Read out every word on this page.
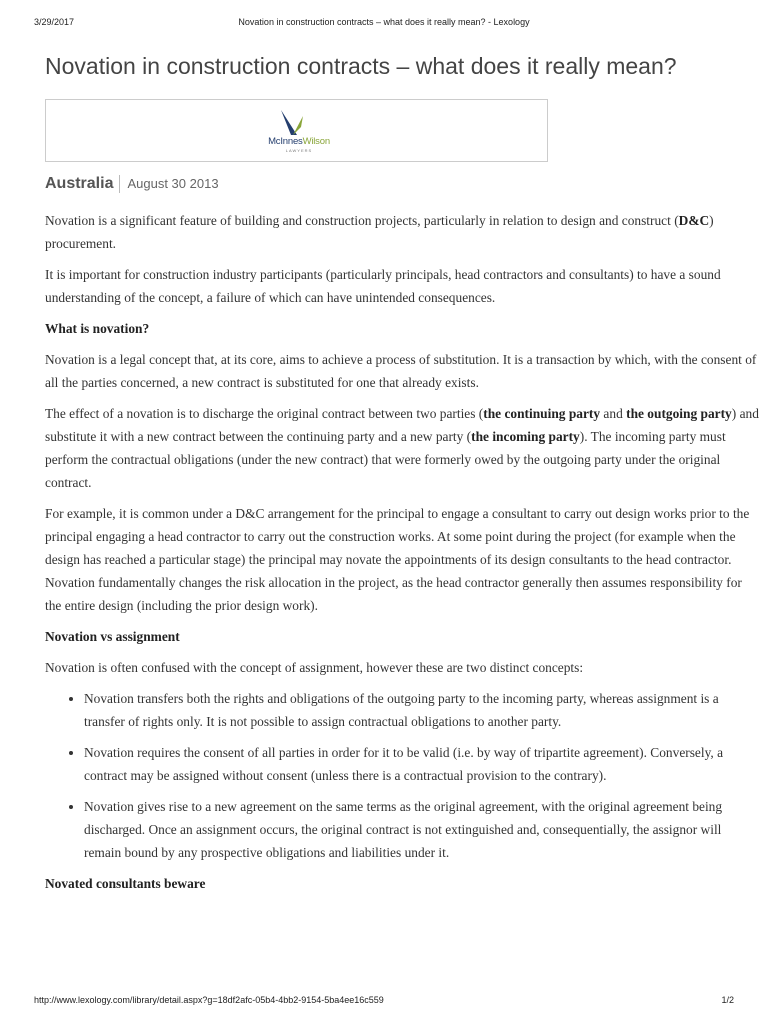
3/29/2017	Novation in construction contracts – what does it really mean? - Lexology
Novation in construction contracts – what does it really mean?
McInnesWilson
LAWYERS
Australia	August 30 2013

Novation is a significant feature of building and construction projects, particularly in relation to design and construct (D&C) procurement.

It is important for construction industry participants (particularly principals, head contractors and consultants) to have a sound understanding of the concept, a failure of which can have unintended consequences.

What is novation?

Novation is a legal concept that, at its core, aims to achieve a process of substitution. It is a transaction by which, with the consent of all the parties concerned, a new contract is substituted for one that already exists.

The effect of a novation is to discharge the original contract between two parties (the continuing party and the outgoing party) and substitute it with a new contract between the continuing party and a new party (the incoming party). The incoming party must perform the contractual obligations (under the new contract) that were formerly owed by the outgoing party under the original contract.

For example, it is common under a D&C arrangement for the principal to engage a consultant to carry out design works prior to the principal engaging a head contractor to carry out the construction works. At some point during the project (for example when the design has reached a particular stage) the principal may novate the appointments of its design consultants to the head contractor. Novation fundamentally changes the risk allocation in the project, as the head contractor generally then assumes responsibility for the entire design (including the prior design work).

Novation vs assignment

Novation is often confused with the concept of assignment, however these are two distinct concepts:

• Novation transfers both the rights and obligations of the outgoing party to the incoming party, whereas assignment is a transfer of rights only. It is not possible to assign contractual obligations to another party.
• Novation requires the consent of all parties in order for it to be valid (i.e. by way of tripartite agreement). Conversely, a contract may be assigned without consent (unless there is a contractual provision to the contrary).
• Novation gives rise to a new agreement on the same terms as the original agreement, with the original agreement being discharged. Once an assignment occurs, the original contract is not extinguished and, consequentially, the assignor will remain bound by any prospective obligations and liabilities under it.

Novated consultants beware

http://www.lexology.com/library/detail.aspx?g=18df2afc-05b4-4bb2-9154-5ba4ee16c559	1/2
